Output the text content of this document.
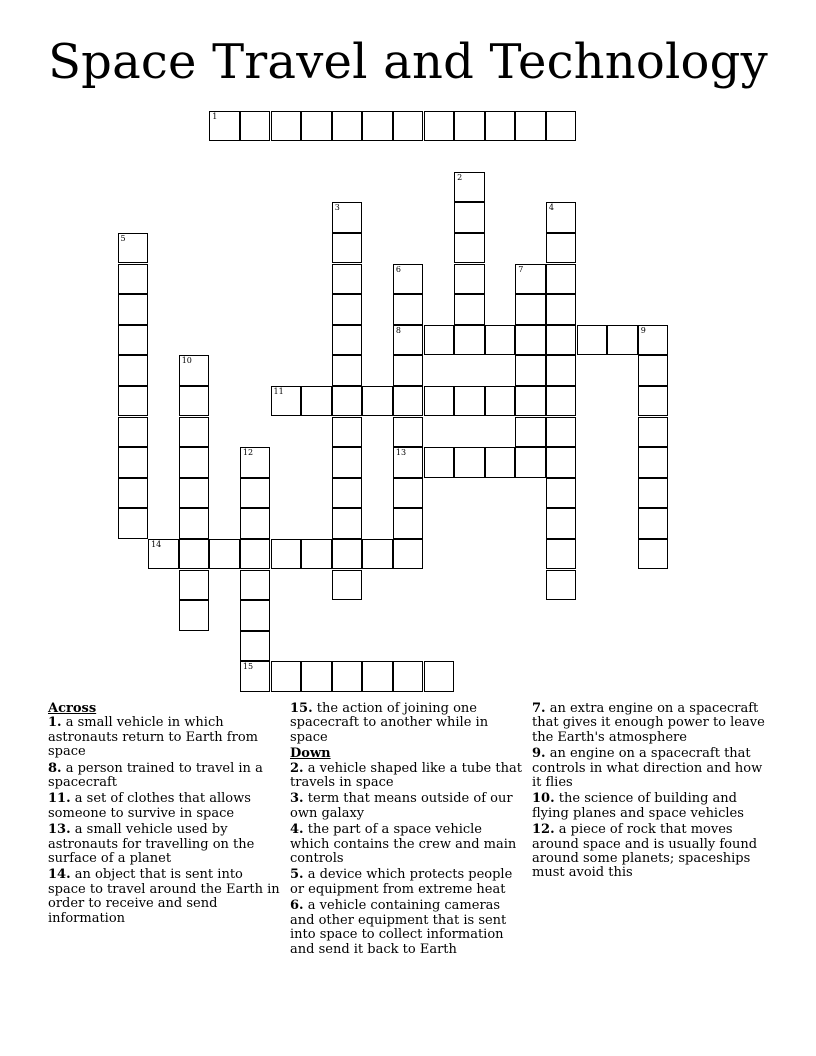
Space Travel and Technology
1
2
3	4
5
6
8
13
7
9
10
11
12
15
14
Across
1. a small vehicle in which astronauts return to Earth from space
8. a person trained to travel in a spacecraft
11. a set of clothes that allows someone to survive in space
13. a small vehicle used by astronauts for travelling on the surface of a planet
14. an object that is sent into space to travel around the Earth in order to receive and send information
15. the action of joining one spacecraft to another while in space
Down
2. a vehicle shaped like a tube that travels in space
3. term that means outside of our own galaxy
4. the part of a space vehicle which contains the crew and main controls
5. a device which protects people or equipment from extreme heat
6. a vehicle containing cameras and other equipment that is sent into space to collect information and send it back to Earth
7. an extra engine on a spacecraft that gives it enough power to leave the Earth's atmosphere
9. an engine on a spacecraft that controls in what direction and how it flies
10. the science of building and flying planes and space vehicles
12. a piece of rock that moves around space and is usually found around some planets; spaceships must avoid this
